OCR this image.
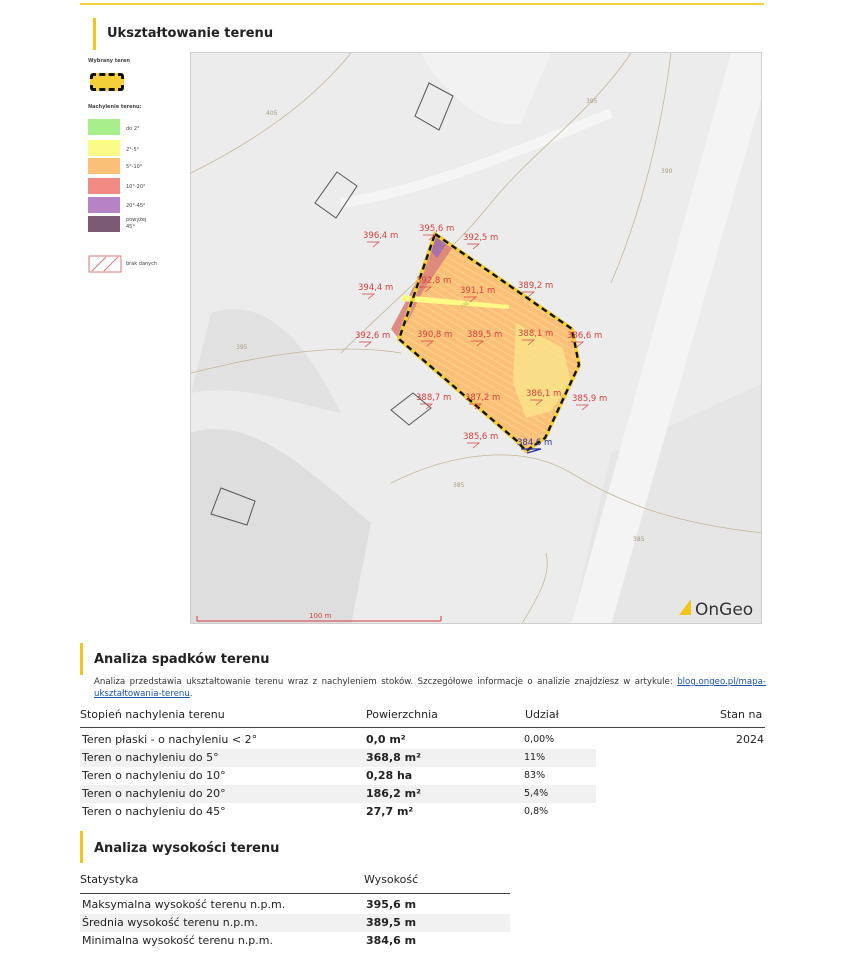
Ukształtowanie terenu
Wybrany teren
Nachylenie terenu:
do 2°
2°-5°
5°-10°
10°-20°
20°-45°
powyżej 45°
brak danych
405
395
390
395
385
385
396
395,6 m
396,4 m	392,5 m
392,8 m
394,4 m	391,1 m	389,2 m
392,6 m	390,8 m 389,5 m 388,1 m 386,6 m
388,7 m 387,2 m	386,1 m 385,9 m
385,6 m
384,6 m
100 m	OnGeo
Analiza spadków terenu
Analiza przedstawia ukształtowanie terenu wraz z nachyleniem stoków. Szczegółowe informacje o analizie znajdziesz w artykule: blog.ongeo.pl/mapa-ukształtowania-terenu.
Stopień nachylenia terenu	Powierzchnia	Udział	Stan na
Teren płaski - o nachyleniu < 2°	0,0 m²	0,00%	2024
Teren o nachyleniu do 5°	368,8 m²	11%
Teren o nachyleniu do 10°	0,28 ha	83%
Teren o nachyleniu do 20°	186,2 m²	5,4%
Teren o nachyleniu do 45°	27,7 m²	0,8%
Analiza wysokości terenu
Statystyka	Wysokość
Maksymalna wysokość terenu n.p.m.	395,6 m
Średnia wysokość terenu n.p.m.	389,5 m
Minimalna wysokość terenu n.p.m.	384,6 m
